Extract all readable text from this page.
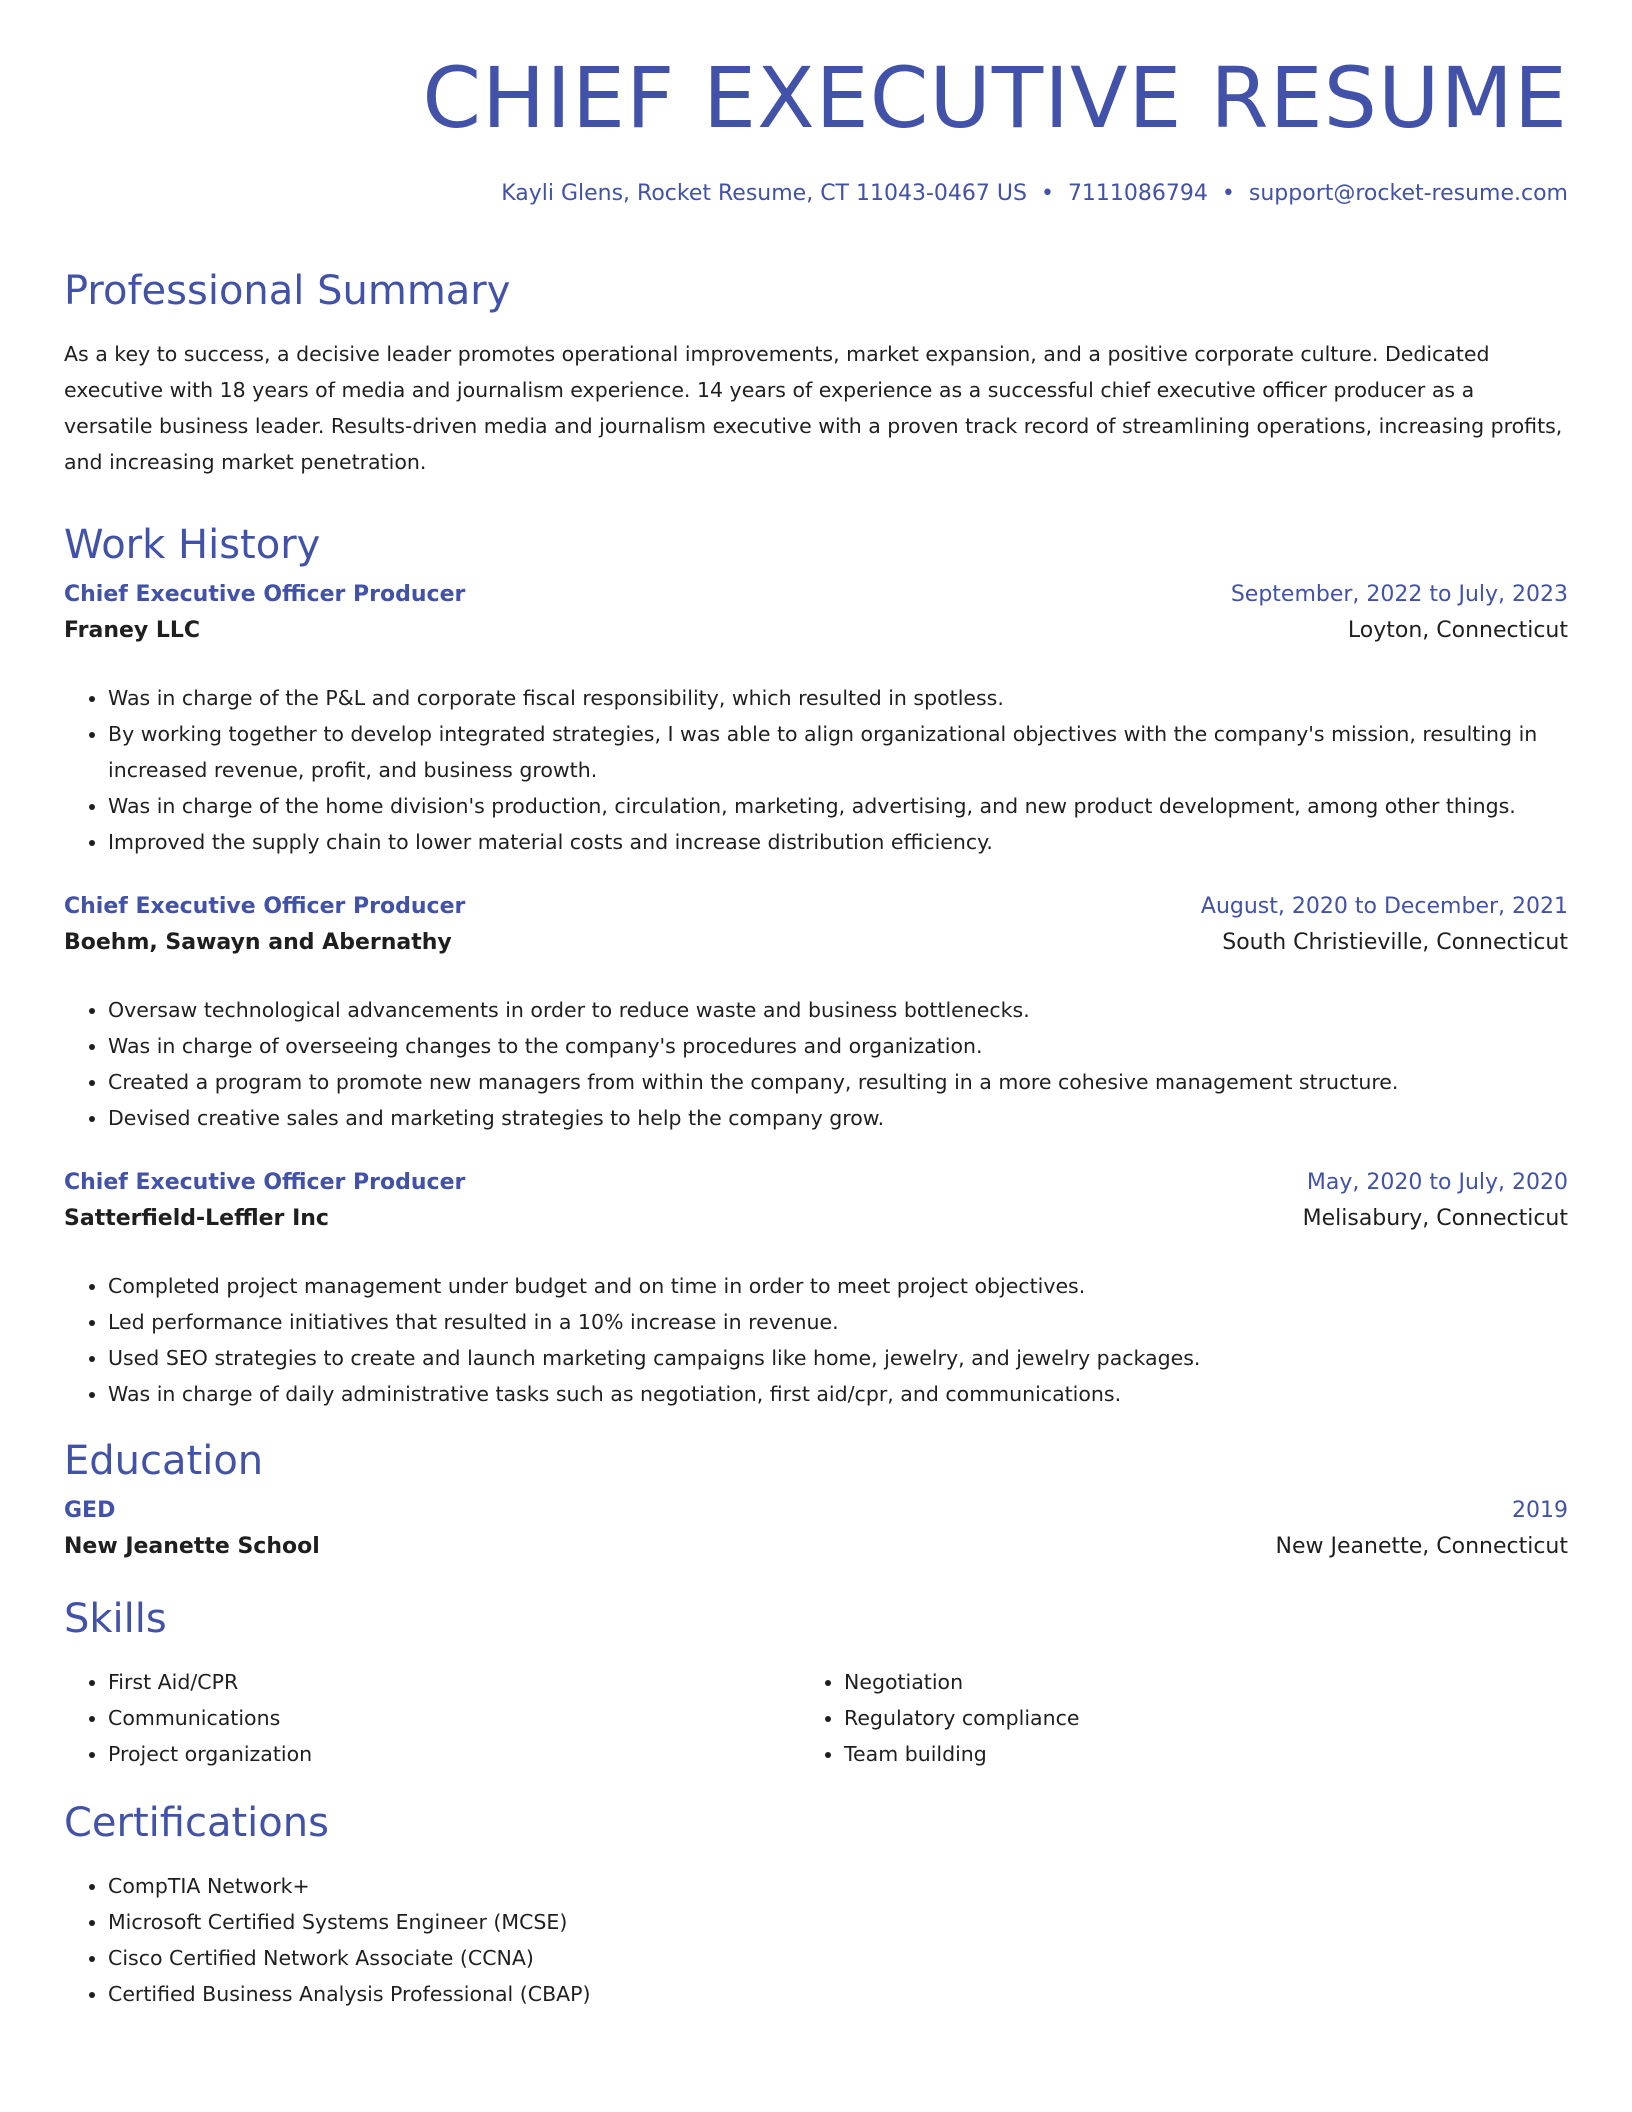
CHIEF EXECUTIVE RESUME
Kayli Glens, Rocket Resume, CT 11043-0467 US • 7111086794 • support@rocket-resume.com
Professional Summary
As a key to success, a decisive leader promotes operational improvements, market expansion, and a positive corporate culture. Dedicated executive with 18 years of media and journalism experience. 14 years of experience as a successful chief executive officer producer as a versatile business leader. Results-driven media and journalism executive with a proven track record of streamlining operations, increasing profits, and increasing market penetration.
Work History
Chief Executive Officer Producer	September, 2022 to July, 2023
Franey LLC	Loyton, Connecticut
• Was in charge of the P&L and corporate fiscal responsibility, which resulted in spotless.
• By working together to develop integrated strategies, I was able to align organizational objectives with the company's mission, resulting in increased revenue, profit, and business growth.
• Was in charge of the home division's production, circulation, marketing, advertising, and new product development, among other things.
• Improved the supply chain to lower material costs and increase distribution efficiency.
Chief Executive Officer Producer	August, 2020 to December, 2021
Boehm, Sawayn and Abernathy	South Christieville, Connecticut
• Oversaw technological advancements in order to reduce waste and business bottlenecks.
• Was in charge of overseeing changes to the company's procedures and organization.
• Created a program to promote new managers from within the company, resulting in a more cohesive management structure.
• Devised creative sales and marketing strategies to help the company grow.
Chief Executive Officer Producer	May, 2020 to July, 2020
Satterfield-Leffler Inc	Melisabury, Connecticut
• Completed project management under budget and on time in order to meet project objectives.
• Led performance initiatives that resulted in a 10% increase in revenue.
• Used SEO strategies to create and launch marketing campaigns like home, jewelry, and jewelry packages.
• Was in charge of daily administrative tasks such as negotiation, first aid/cpr, and communications.
Education
GED	2019
New Jeanette School	New Jeanette, Connecticut
Skills
• First Aid/CPR
• Communications
• Project organization
• Negotiation
• Regulatory compliance
• Team building
Certifications
• CompTIA Network+
• Microsoft Certified Systems Engineer (MCSE)
• Cisco Certified Network Associate (CCNA)
• Certified Business Analysis Professional (CBAP)
